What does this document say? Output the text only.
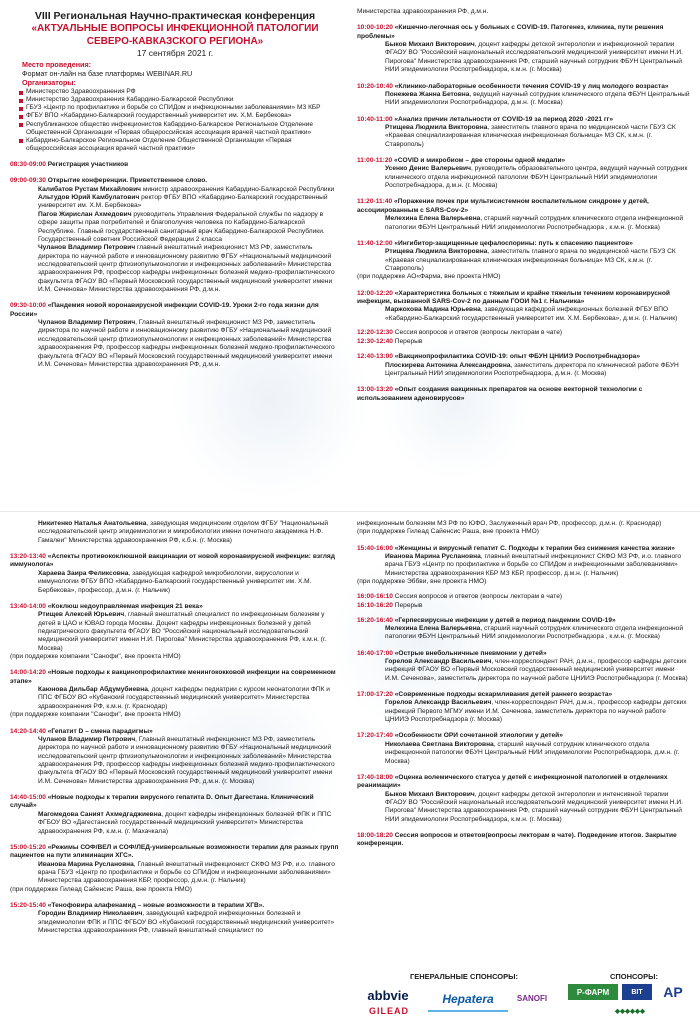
VIII Региональная Научно-практическая конференция
«АКТУАЛЬНЫЕ ВОПРОСЫ ИНФЕКЦИОННОЙ ПАТОЛОГИИ
СЕВЕРО-КАВКАЗСКОГО РЕГИОНА»
17 сентября 2021 г.
Место проведения:
Формат он-лайн на базе платформы WEBINAR.RU
Организаторы:
Министерство Здравоохранения РФ
Министерство Здравоохранения Кабардино-Балкарской Республики
ГБУЗ «Центр по профилактике и борьбе со СПИДом и инфекционными заболеваниями» МЗ КБР
ФГБУ ВПО «Кабардино-Балкарский государственный университет им. Х.М. Бербекова»
Республиканское общество инфекционистов Кабардино-Балкарское Региональное Отделение Общественной Организации «Первая общероссийская ассоциация врачей частной практики»
Кабардино-Балкарское Региональное Отделение Общественной Организации «Первая общероссийская ассоциация врачей частной практики»
08:30-09:00 Регистрация участников
09:00-09:30 Открытие конференции. Приветственное слово.
Калибатов Рустам Михайлович министр здравоохранения Кабардино-Балкарской Республики
Альтудов Юрий Камбулатович ректор ФГБУ ВПО «Кабардино-Балкарский государственный университет им. Х.М. Бербекова»
Пагов Жирислан Ахмедович руководитель Управления Федеральной службы по надзору в сфере защиты прав потребителей и благополучия человека по Кабардино-Балкарской Республике. Главный государственный санитарный врач Кабардино-Балкарской Республики. Государственный советник Российской Федерации 2 класса
Чуланов Владимир Петрович главный внештатный инфекционист МЗ РФ, заместитель директора по научной работе и инновационному развитию ФГБУ «Национальный медицинский исследовательский центр фтизиопульмонологии и инфекционных заболеваний» Министерства здравоохранения РФ, профессор кафедры инфекционных болезней медико-профилактического факультета ФГАОУ ВО «Первый Московский государственный медицинский университет имени И.М. Сеченова» Министерства здравоохранения РФ, д.м.н.
09:30-10:00 «Пандемия новой коронавирусной инфекции COVID-19. Уроки 2-го года жизни для России»
Чуланов Владимир Петрович, Главный внештатный инфекционист МЗ РФ, заместитель директора по научной работе и инновационному развитию ФГБУ «Национальный медицинский исследовательский центр фтизиопульмонологии и инфекционных заболеваний» Министерства здравоохранения РФ, профессор кафедры инфекционных болезней медико-профилактического факультета ФГАОУ ВО «Первый Московский государственный медицинский университет имени И.М. Сеченова» Министерства здравоохранения РФ, д.м.н.
Министерства здравоохранения РФ, д.м.н.
10:00-10:20 «Кишечно-легочная ось у больных с COVID-19. Патогенез, клиника, пути решения проблемы»
Быков Михаил Викторович, доцент кафедры детской энтерологии и инфекционной терапии ФГАОУ ВО "Российский национальный исследовательский медицинский университет имени Н.И. Пирогова" Министерства здравоохранения РФ, старший научный сотрудник ФБУН Центральный НИИ эпидемиологии Роспотребнадзора, к.м.н. (г. Москва)
10:20-10:40 «Клинико-лабораторные особенности течения COVID-19 у лиц молодого возраста»
Понежева Жанна Бетовна, ведущий научный сотрудник клинического отдела ФБУН Центральный НИИ эпидемиологии Роспотребнадзора, д.м.н. (г. Москва)
10:40-11:00 «Анализ причин летальности от COVID-19 за период 2020 -2021 гг»
Ртищева Людмила Викторовна, заместитель главного врача по медицинской части ГБУЗ СК «Краевая специализированная клиническая инфекционная больница» МЗ СК, к.м.н. (г. Ставрополь)
11:00-11:20 «COVID и микробиом – две стороны одной медали»
Усенко Денис Валерьевич, руководитель образовательного центра, ведущий научный сотрудник клинического отдела инфекционной патологии ФБУН Центральный НИИ эпидемиологии Роспотребнадзора, д.м.н. (г. Москва)
11:20-11:40 «Поражение почек при мультисистемном воспалительном синдроме у детей, ассоциированным с SARS-Cov-2»
Мелехина Елена Валерьевна, старший научный сотрудник клинического отдела инфекционной патологии ФБУН Центральный НИИ эпидемиологии Роспотребнадзора , к.м.н. (г. Москва)
11:40-12:00 «Ингибитор-защищенные цефалоспорины: путь к спасению пациентов»
Ртищева Людмила Викторовна, заместитель главного врача по медицинской части ГБУЗ СК «Краевая специализированная клиническая инфекционная больница» МЗ СК, к.м.н. (г. Ставрополь)
(при поддержке АО«Фарма, вне проекта НМО)
12:00-12:20 «Характеристика больных с тяжелым и крайне тяжелым течением коронавирусной инфекции, вызванной SARS-Cov-2 по данным ГООИ №1 г. Нальчика»
Маржохова Мадина Юрьевна, заведующая кафедрой инфекционных болезней ФГБУ ВПО «Кабардино-Балкарский государственный университет им. Х.М. Бербекова», д.м.н. (г. Нальчик)
12:20-12:30 Сессия вопросов и ответов (вопросы лекторам в чате)
12:30-12:40 Перерыв
12:40-13:00 «Вакцинопрофилактика COVID-19: опыт ФБУН ЦНИИЭ Роспотребнадзора»
Плоскирева Антонина Александровна, заместитель директора по клинической работе ФБУН Центральный НИИ эпидемиологии Роспотребнадзора, д.м.н. (г. Москва)
13:00-13:20 «Опыт создания вакцинных препаратов на основе векторной технологии с использованием аденовирусов»
Никитенко Наталья Анатольевна, заведующая медицинским отделом ФГБУ "Национальный исследовательский центр эпидемиологии и микробиологии имени почетного академика Н.Ф. Гамалеи" Министерства здравоохранения РФ, к.б.н. (г. Москва)
13:20-13:40 «Аспекты противококлюшной вакцинации от новой коронавирусной инфекции: взгляд иммунолога»
Хараева Заира Феликсовна, заведующая кафедрой микробиологии, вирусологии и иммунологии ФГБУ ВПО «Кабардино-Балкарский государственный университет им. Х.М. Бербекова», профессор, д.м.н. (г. Нальчик)
13:40-14:00 «Коклюш недоуправляемая инфекция 21 века»
Ртищев Алексей Юрьевич, главный внештатный специалист по инфекционным болезням у детей в ЦАО и ЮВАО города Москвы. Доцент кафедры инфекционных болезней у детей педиатрического факультета ФГАОУ ВО "Российский национальный исследовательский медицинский университет имени Н.И. Пирогова" Министерства здравоохранения РФ, к.м.н. (г. Москва)
(при поддержке компании "Санофи", вне проекта НМО)
14:00-14:20 «Новые подходы к вакцинопрофилактике менингококковой инфекции на современном этапе»
Каюнова Дильбар Абдумубиевна, доцент кафедры педиатрии с курсом неонатологии ФПК и ППС ФГБОУ ВО «Кубанский государственный медицинский университет» Министерства здравоохранения РФ, к.м.н. (г. Краснодар)
(при поддержке компании "Санофи", вне проекта НМО)
14:20-14:40 «Гепатит D – смена парадигмы»
Чуланов Владимир Петрович, Главный внештатный инфекционист МЗ РФ, заместитель директора по научной работе и инновационному развитию ФГБУ «Национальный медицинский исследовательский центр фтизиопульмонологии и инфекционных заболеваний» Министерства здравоохранения РФ, профессор кафедры инфекционных болезней медико-профилактического факультета ФГАОУ ВО «Первый Московский государственный медицинский университет имени И.М. Сеченова» Министерства здравоохранения РФ, д.м.н. (г. Москва)
14:40-15:00 «Новые подходы к терапии вирусного гепатита D. Опыт Дагестана. Клинический случай»
Магомедова Саният Ахмедгаджиевна, доцент кафедры инфекционных болезней ФПК и ППС ФГБОУ ВО «Дагестанский государственный медицинский университет» Министерства здравоохранения РФ, к.м.н. (г. Махачкала)
15:00-15:20 «Режимы СОФ/ВЕЛ и СОФ/ЛЕД-универсальные возможности терапии для разных групп пациентов на пути элиминации ХГС».
Иванова Марина Руслановна, Главный внештатный инфекционист СКФО МЗ РФ, и.о. главного врача ГБУЗ «Центр по профилактике и борьбе со СПИДом и инфекционными заболеваниями» Министерства здравоохранения КБР, профессор, д.м.н. (г. Нальчик)
(при поддержке Гилеад Сайенсис Раша, вне проекта НМО)
15:20-15:40 «Тенофовира алафенамид – новые возможности в терапии ХГВ».
Городин Владимир Николаевич, заведующий кафедрой инфекционных болезней и эпидемиологии ФПК и ППС ФГБОУ ВО «Кубанский государственный медицинский университет» Министерства здравоохранения РФ, главный внештатный специалист по
инфекционным болезням МЗ РФ по ЮФО, Заслуженный врач РФ, профессор, д.м.н. (г. Краснодар)
(при поддержке Гилеад Сайенсис Раша, вне проекта НМО)
15:40-16:00 «Женщины и вирусный гепатит С. Подходы к терапии без снижения качества жизни»
Иванова Марина Руслановна, главный внештатный инфекционист СКФО МЗ РФ, и.о. главного врача ГБУЗ «Центр по профилактике и борьбе со СПИДом и инфекционными заболеваниями» Министерства здравоохранения КБР МЗ КБР, профессор, д.м.н. (г. Нальчик)
(при поддержке Эббви, вне проекта НМО)
16:00-16:10 Сессия вопросов и ответов (вопросы лекторам в чате)
16:10-16:20 Перерыв
16:20-16:40 «Герпесвирусные инфекции у детей в период пандемии COVID-19»
Мелехина Елена Валерьевна, старший научный сотрудник клинического отдела инфекционной патологии ФБУН Центральный НИИ эпидемиологии Роспотребнадзора , к.м.н. (г. Москва)
16:40-17:00 «Острые внебольничные пневмонии у детей»
Горелов Александр Васильевич, член-корреспондент РАН, д.м.н., профессор кафедры детских инфекций ФГАОУ ВО «Первый Московский государственный медицинский университет имени И.М. Сеченова», заместитель директора по научной работе ЦНИИЭ Роспотребнадзора (г. Москва)
17:00-17:20 «Современные подходы вскармливания детей раннего возраста»
Горелов Александр Васильевич, член-корреспондент РАН, д.м.н., профессор кафедры детских инфекций Первого МГМУ имени И.М. Сеченова, заместитель директора по научной работе ЦНИИЭ Роспотребнадзора (г. Москва)
17:20-17:40 «Особенности ОРИ сочетанной этиологии у детей»
Николаева Светлана Викторовна, старший научный сотрудник клинического отдела инфекционной патологии ФБУН Центральный НИИ эпидемиологии Роспотребнадзора, д.м.н. (г. Москва)
17:40-18:00 «Оценка волемического статуса у детей с инфекционной патологией в отделениях реанимации»
Быков Михаил Викторович, доцент кафедры детской энтерологии и интенсивной терапии ФГАОУ ВО "Российский национальный исследовательский медицинский университет имени Н.И. Пирогова" Министерства здравоохранения РФ, старший научный сотрудник ФБУН Центральный НИИ эпидемиологии Роспотребнадзора, к.м.н. (г. Москва)
18:00-18:20 Сессия вопросов и ответов(вопросы лекторам в чате). Подведение итогов. Закрытие конференции.
ГЕНЕРАЛЬНЫЕ СПОНСОРЫ:	СПОНСОРЫ:
abbvie
GILEAD
Hepatera	SANOFI
Р-ФАРМ	BIT	AP
◆◆◆◆◆◆
